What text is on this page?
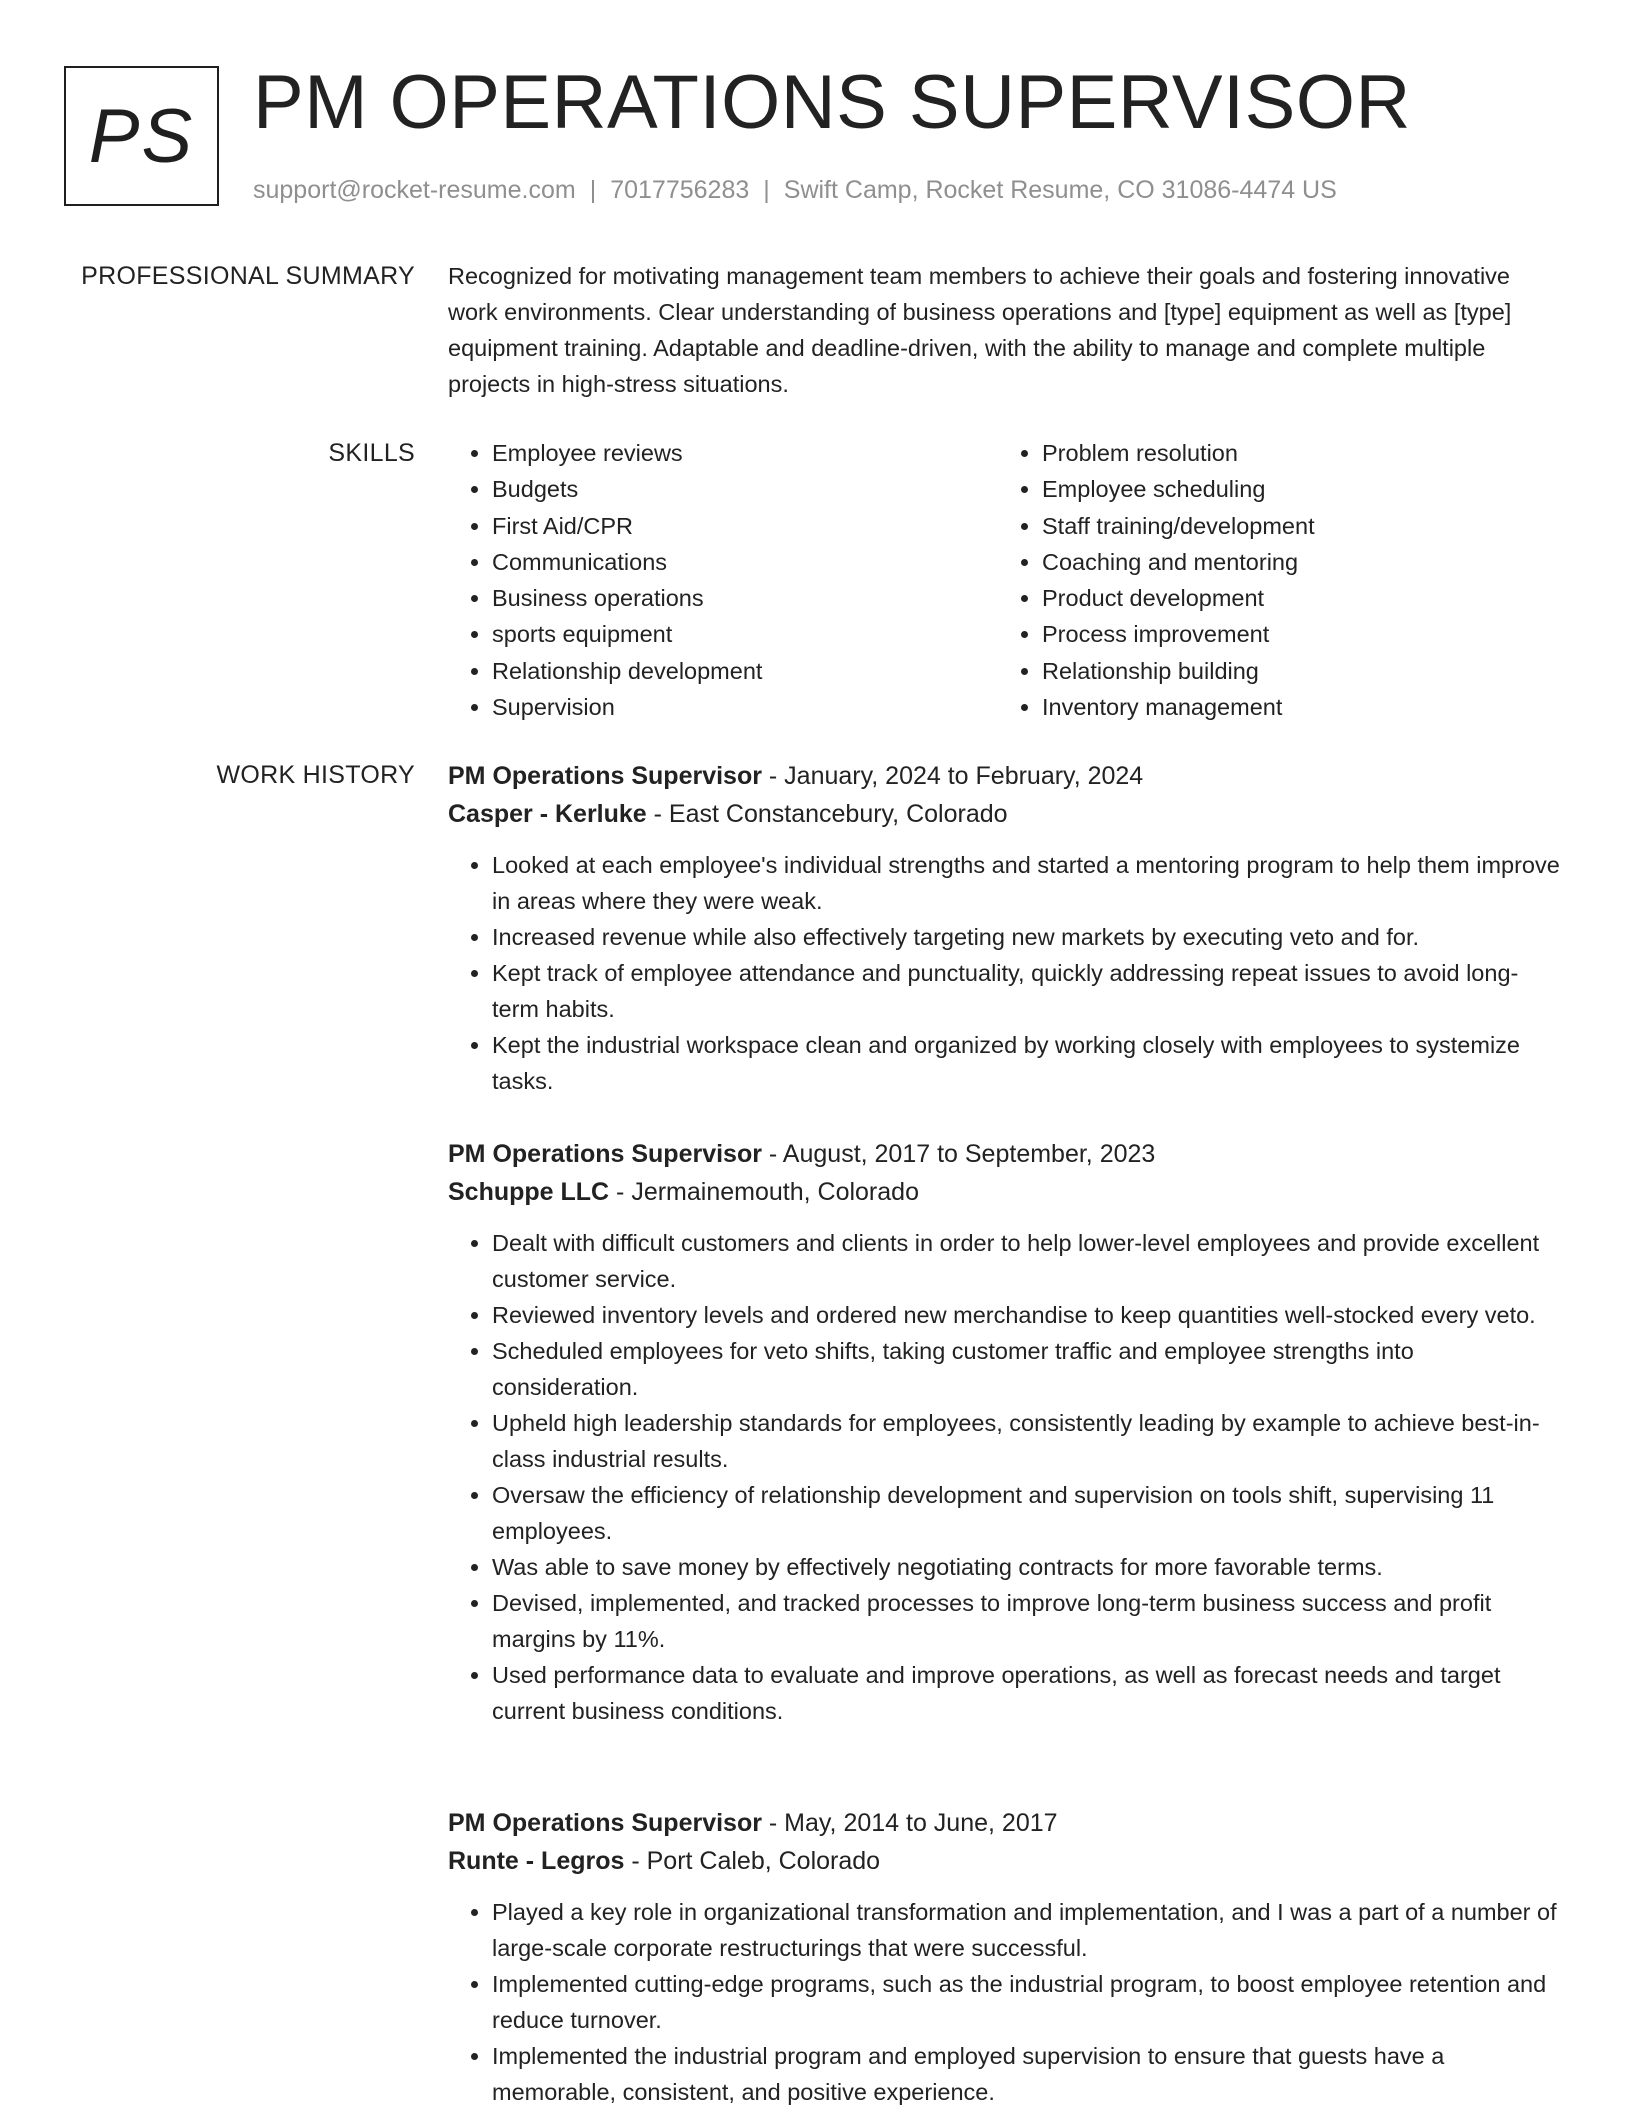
PS PM OPERATIONS SUPERVISOR
support@rocket-resume.com | 7017756283 | Swift Camp, Rocket Resume, CO 31086-4474 US
PROFESSIONAL SUMMARY Recognized for motivating management team members to achieve their goals and fostering innovative work environments. Clear understanding of business operations and [type] equipment as well as [type] equipment training. Adaptable and deadline-driven, with the ability to manage and complete multiple projects in high-stress situations.

SKILLS
•	Employee reviews
• Budgets
• First Aid/CPR
• Communications
• Business operations
• sports equipment
• Relationship development
• Supervision
• Problem resolution
• Employee scheduling
• Staff training/development
• Coaching and mentoring
• Product development
• Process improvement
• Relationship building
• Inventory management
WORK HISTORY PM Operations Supervisor - January, 2024 to February, 2024
Casper - Kerluke - East Constancebury, Colorado
• Looked at each employee's individual strengths and started a mentoring program to help them improve in areas where they were weak.
• Increased revenue while also effectively targeting new markets by executing veto and for.
• Kept track of employee attendance and punctuality, quickly addressing repeat issues to avoid long-term habits.
• Kept the industrial workspace clean and organized by working closely with employees to systemize tasks.
PM Operations Supervisor - August, 2017 to September, 2023
Schuppe LLC - Jermainemouth, Colorado
• Dealt with difficult customers and clients in order to help lower-level employees and provide excellent customer service.
• Reviewed inventory levels and ordered new merchandise to keep quantities well-stocked every veto.
• Scheduled employees for veto shifts, taking customer traffic and employee strengths into consideration.
• Upheld high leadership standards for employees, consistently leading by example to achieve best-in-class industrial results.
• Oversaw the efficiency of relationship development and supervision on tools shift, supervising 11 employees.
• Was able to save money by effectively negotiating contracts for more favorable terms.
• Devised, implemented, and tracked processes to improve long-term business success and profit margins by 11%.
• Used performance data to evaluate and improve operations, as well as forecast needs and target current business conditions.
PM Operations Supervisor - May, 2014 to June, 2017
Runte - Legros - Port Caleb, Colorado
• Played a key role in organizational transformation and implementation, and I was a part of a number of large-scale corporate restructurings that were successful.
• Implemented cutting-edge programs, such as the industrial program, to boost employee retention and reduce turnover.
• Implemented the industrial program and employed supervision to ensure that guests have a memorable, consistent, and positive experience.
